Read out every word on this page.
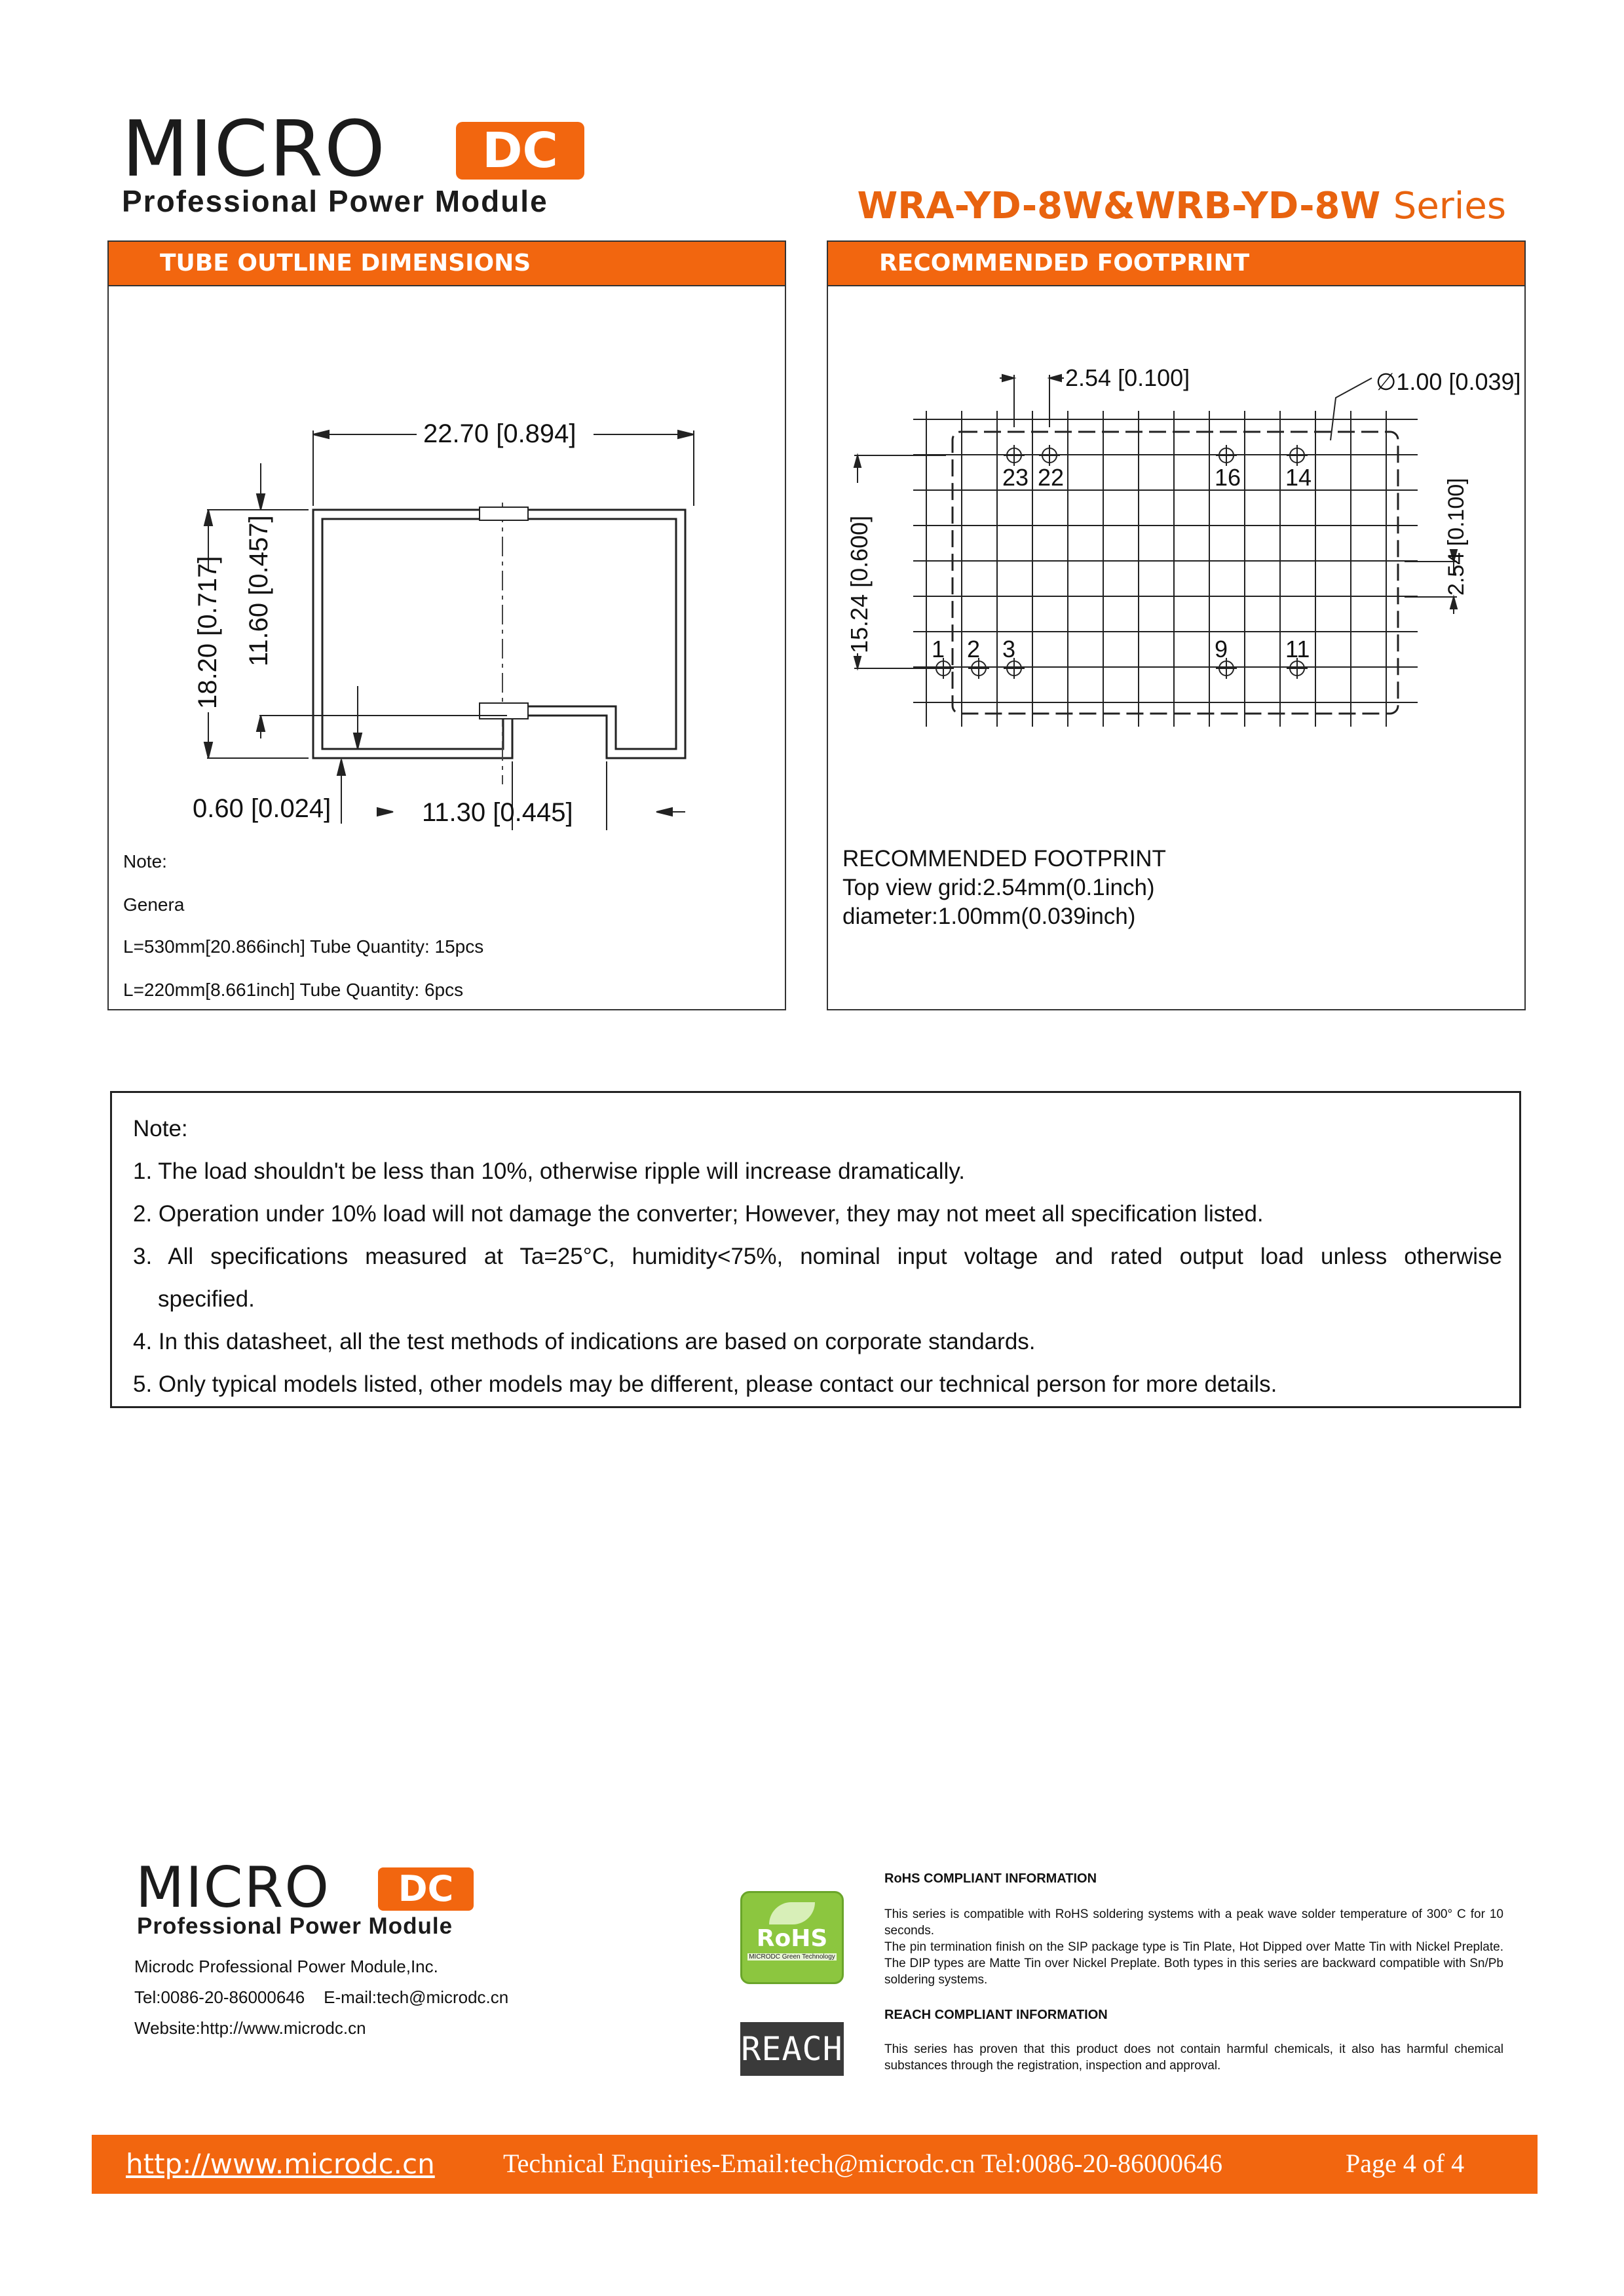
MICRO	DC
Professional Power Module	WRA-YD-8W&WRB-YD-8W Series
TUBE OUTLINE DIMENSIONS
22.70 [0.894]
18.20 [0.717] 11.60 [0.457]
0.60 [0.024]	11.30 [0.445]
Note:
Genera
L=530mm[20.866inch] Tube Quantity: 15pcs
L=220mm[8.661inch] Tube Quantity: 6pcs
RECOMMENDED FOOTPRINT
2.54 [0.100]	∅1.00 [0.039]
15.24 [0.600]	2.54 [0.100]
23 22	16 14
1 2 3	9 11
RECOMMENDED FOOTPRINT
Top view grid:2.54mm(0.1inch)
diameter:1.00mm(0.039inch)

Note:

1. The load shouldn't be less than 10%, otherwise ripple will increase dramatically.

2. Operation under 10% load will not damage the converter; However, they may not meet all specification listed.

3. All specifications measured at Ta=25°C, humidity<75%, nominal input voltage and rated output load unless otherwise

specified.

4. In this datasheet, all the test methods of indications are based on corporate standards.

5. Only typical models listed, other models may be different, please contact our technical person for more details.

MICRO	DC
Professional Power Module
Microdc Professional Power Module,Inc.
Tel:0086-20-86000646    E-mail:tech@microdc.cn
Website:http://www.microdc.cn
RoHS
MICRODC Green Technology
REACH
RoHS COMPLIANT INFORMATION
This series is compatible with RoHS soldering systems with a peak wave solder temperature of 300° C for 10 seconds.
The pin termination finish on the SIP package type is Tin Plate, Hot Dipped over Matte Tin with Nickel Preplate. The DIP types are Matte Tin over Nickel Preplate. Both types in this series are backward compatible with Sn/Pb soldering systems.
REACH COMPLIANT INFORMATION
This series has proven that this product does not contain harmful chemicals, it also has harmful chemical substances through the registration, inspection and approval.
http://www.microdc.cn	Technical Enquiries-Email:tech@microdc.cn Tel:0086-20-86000646	Page 4 of 4
